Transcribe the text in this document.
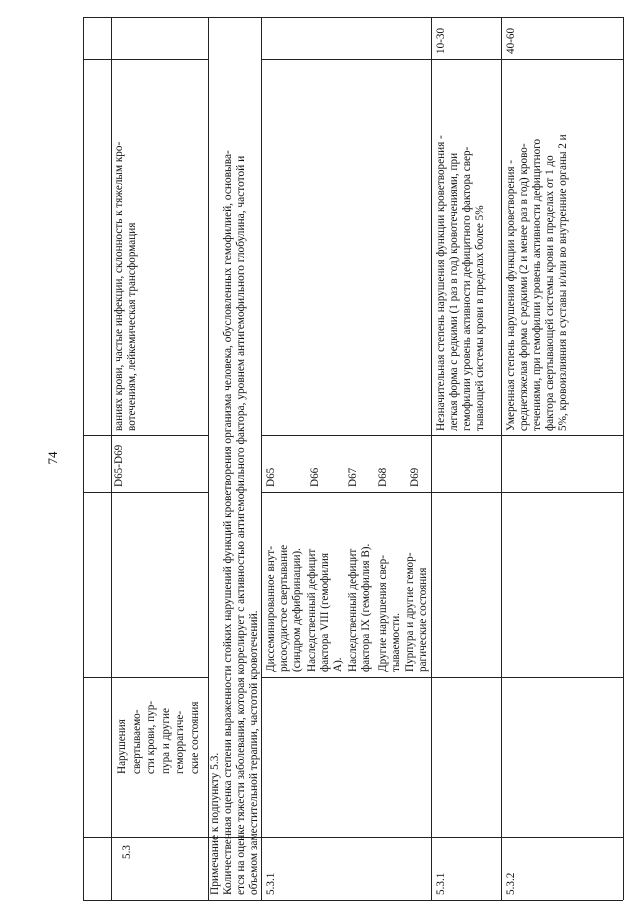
74
ваниях крови, частые инфекции, склонность к тяжелым кро- вотечениям, лейкемическая трансформация
5.3
Нарушения свертываемо- сти крови, пур- пура и другие геморрагиче- ские состояния
D65-D69
Примечание к подпункту 5.3. Количественная оценка степени выраженности стойких нарушений функций кроветворения организма человека, обусловленных гемофилией, основыва- ется на оценке тяжести заболевания, которая коррелирует с активностью антигемофильного фактора, уровнем антигемофильного глобулина, частотой и объемом заместительной терапии, частотой кровотечений. 5.3.1
Диссеминированное внут- рисосудистое свертывание (синдром дефибринации).
D65
Наследственный дефицит фактора VIII (гемофилия А).
D66
Наследственный дефицит фактора IX (гемофилия В).
D67
Другие нарушения свер- тываемости.
D68
Пурпура и другие гемор- рагические состояния
D69
5.3.1
Незначительная степень нарушения функции кроветворения - легкая форма с редкими (1 раз в год) кровотечениями, при гемофилии уровень активности дефицитного фактора свер- тывающей системы крови в пределах более 5%
10-30
5.3.2
Умеренная степень нарушения функции кроветворения - среднетяжелая форма с редкими (2 и менее раз в год) крово- течениями, при гемофилии уровень активности дефицитного фактора свертывающей системы крови в пределах от 1 до 5%, кровоизлияния в суставы и/или во внутренние органы 2 и
40-60
